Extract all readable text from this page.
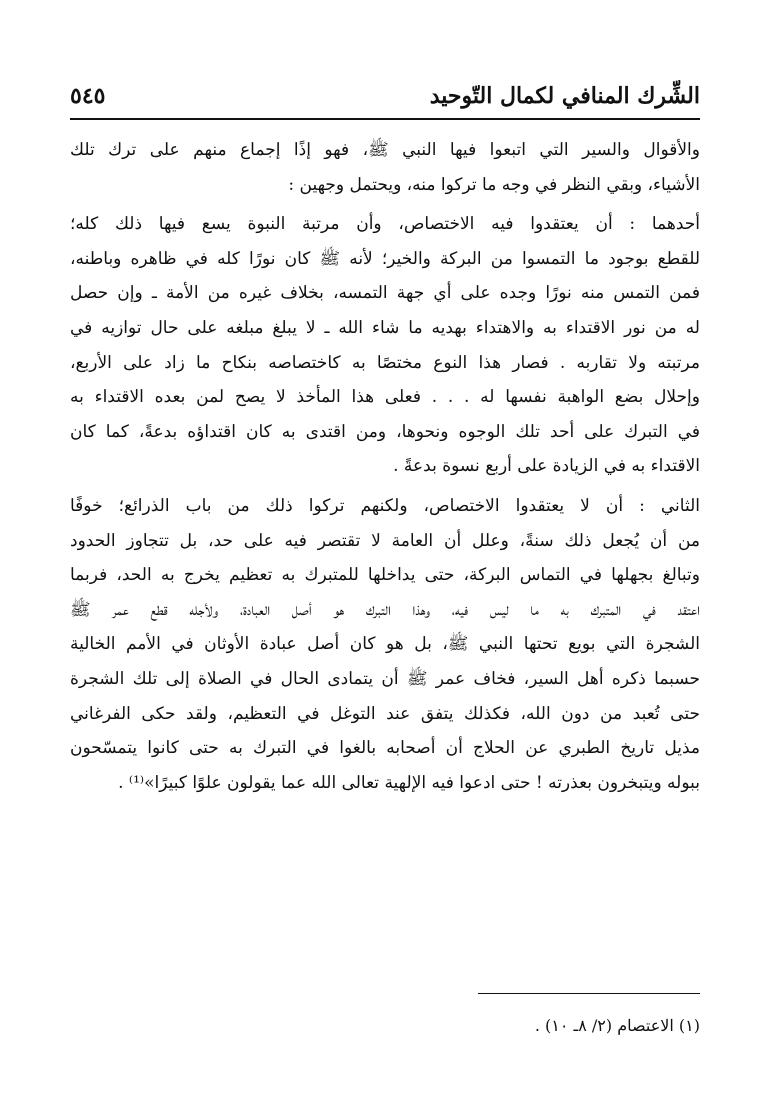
الشِّرك المنافي لكمال التّوحيد
٥٤٥
والأقوال والسير التي اتبعوا فيها النبي ﷺ، فهو إذًا إجماع منهم على ترك تلك
الأشياء، وبقي النظر في وجه ما تركوا منه، ويحتمل وجهين :
أحدهما : أن يعتقدوا فيه الاختصاص، وأن مرتبة النبوة يسع فيها ذلك كله؛
للقطع بوجود ما التمسوا من البركة والخير؛ لأنه ﷺ كان نورًا كله في ظاهره وباطنه،
فمن التمس منه نورًا وجده على أي جهة التمسه، بخلاف غيره من الأمة ـ وإن حصل
له من نور الاقتداء به والاهتداء بهديه ما شاء الله ـ لا يبلغ مبلغه على حال توازيه في
مرتبته ولا تقاربه . فصار هذا النوع مختصًا به كاختصاصه بنكاح ما زاد على الأربع،
وإحلال بضع الواهبة نفسها له . . . فعلى هذا المأخذ لا يصح لمن بعده الاقتداء به
في التبرك على أحد تلك الوجوه ونحوها، ومن اقتدى به كان اقتداؤه بدعةً، كما كان
الاقتداء به في الزيادة على أربع نسوة بدعةً .
الثاني : أن لا يعتقدوا الاختصاص، ولكنهم تركوا ذلك من باب الذرائع؛ خوفًا
من أن يُجعل ذلك سنةً، وعلل أن العامة لا تقتصر فيه على حد، بل تتجاوز الحدود
وتبالغ بجهلها في التماس البركة، حتى يداخلها للمتبرك به تعظيم يخرج به الحد، فربما
اعتقد في المتبرك به ما ليس فيه، وهذا التبرك هو أصل العبادة، ولأجله قطع عمر ﷺ
الشجرة التي بويع تحتها النبي ﷺ، بل هو كان أصل عبادة الأوثان في الأمم الخالية
حسبما ذكره أهل السير، فخاف عمر ﷺ أن يتمادى الحال في الصلاة إلى تلك الشجرة
حتى تُعبد من دون الله، فكذلك يتفق عند التوغل في التعظيم، ولقد حكى الفرغاني
مذيل تاريخ الطبري عن الحلاج أن أصحابه بالغوا في التبرك به حتى كانوا يتمسّحون
ببوله ويتبخرون بعذرته ! حتى ادعوا فيه الإلهية تعالى الله عما يقولون علوًا كبيرًا»⁽¹⁾ .
(١) الاعتصام (٢/ ٨ـ ١٠) .
